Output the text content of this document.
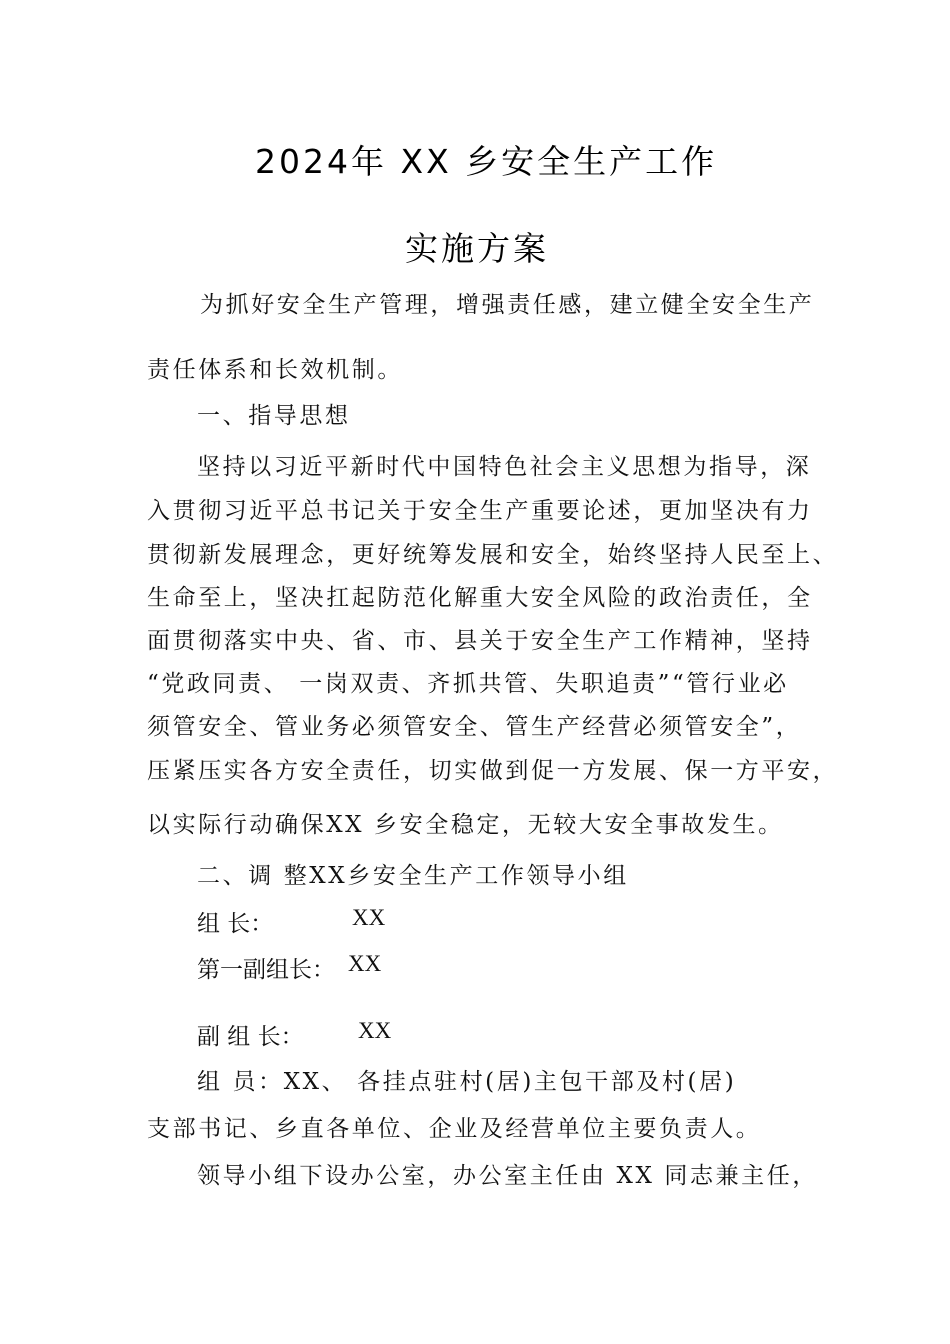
2024年 XX 乡安全生产工作
实施方案
为抓好安全生产管理，增强责任感，建立健全安全生产
责任体系和长效机制。
一、指导思想
坚持以习近平新时代中国特色社会主义思想为指导，深
入贯彻习近平总书记关于安全生产重要论述，更加坚决有力
贯彻新发展理念，更好统筹发展和安全，始终坚持人民至上、
生命至上，坚决扛起防范化解重大安全风险的政治责任，全
面贯彻落实中央、省、市、县关于安全生产工作精神，坚持
“党政同责、 一岗双责、齐抓共管、失职追责”“管行业必
须管安全、管业务必须管安全、管生产经营必须管安全”，
压紧压实各方安全责任，切实做到促一方发展、保一方平安，
以实际行动确保XX 乡安全稳定，无较大安全事故发生。
二、调 整XX乡安全生产工作领导小组
组 长：	XX
第一副组长： XX
副 组 长： XX
组 员：XX、 各挂点驻村(居)主包干部及村(居)
支部书记、乡直各单位、企业及经营单位主要负责人。
领导小组下设办公室，办公室主任由 XX 同志兼主任，
